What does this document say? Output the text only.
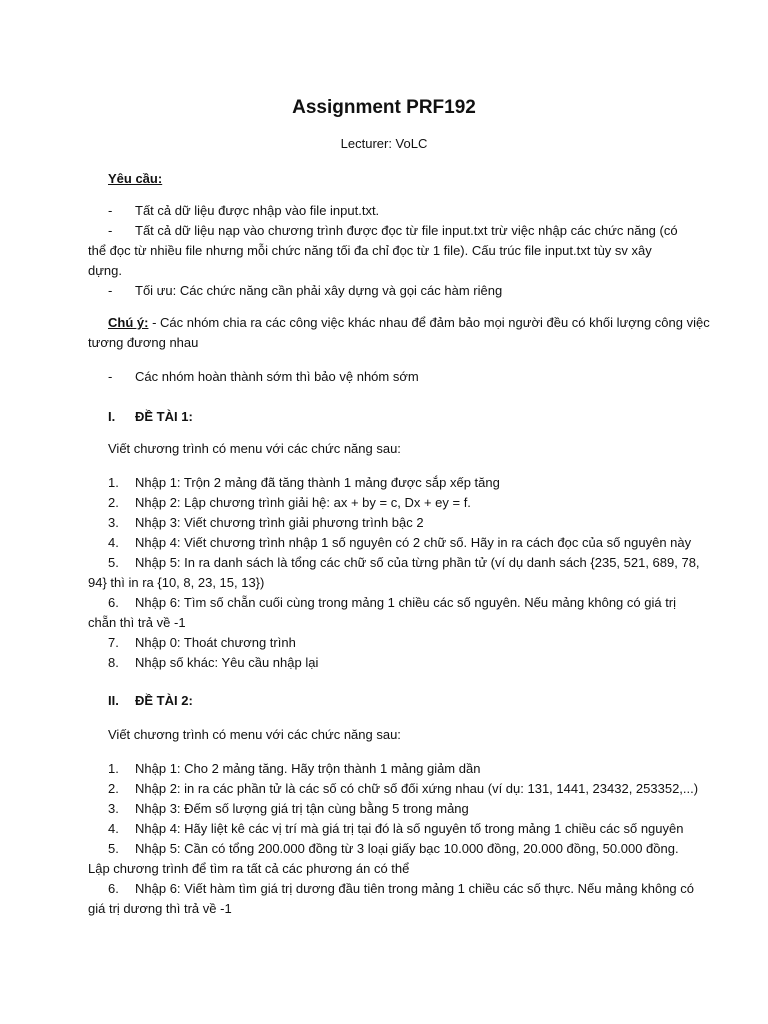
Assignment PRF192
Lecturer: VoLC
Yêu cầu:
- Tất cả dữ liệu được nhập vào file input.txt.
- Tất cả dữ liệu nạp vào chương trình được đọc từ file input.txt trừ việc nhập các chức năng (có
thể đọc từ nhiều file nhưng mỗi chức năng tối đa chỉ đọc từ 1 file). Cấu trúc file input.txt tùy sv xây
dựng.
- Tối ưu: Các chức năng cần phải xây dựng và gọi các hàm riêng
Chú ý: - Các nhóm chia ra các công việc khác nhau để đảm bảo mọi người đều có khối lượng công việc
tương đương nhau
- Các nhóm hoàn thành sớm thì bảo vệ nhóm sớm
I. ĐỀ TÀI 1:
Viết chương trình có menu với các chức năng sau:
1. Nhập 1: Trộn 2 mảng đã tăng thành 1 mảng được sắp xếp tăng
2. Nhập 2: Lập chương trình giải hệ: ax + by = c, Dx + ey = f.
3. Nhập 3: Viết chương trình giải phương trình bậc 2
4. Nhập 4: Viết chương trình nhập 1 số nguyên có 2 chữ số. Hãy in ra cách đọc của số nguyên này
5. Nhập 5: In ra danh sách là tổng các chữ số của từng phần tử (ví dụ danh sách {235, 521, 689, 78,
94} thì in ra {10, 8, 23, 15, 13})
6. Nhập 6: Tìm số chẵn cuối cùng trong mảng 1 chiều các số nguyên. Nếu mảng không có giá trị
chẵn thì trả về -1
7. Nhập 0: Thoát chương trình
8. Nhập số khác: Yêu cầu nhập lại
II. ĐỀ TÀI 2:
Viết chương trình có menu với các chức năng sau:
1. Nhập 1: Cho 2 mảng tăng. Hãy trộn thành 1 mảng giảm dần
2. Nhập 2: in ra các phần tử là các số có chữ số đối xứng nhau (ví dụ: 131, 1441, 23432, 253352,...)
3. Nhập 3: Đếm số lượng giá trị tận cùng bằng 5 trong mảng
4. Nhập 4: Hãy liệt kê các vị trí mà giá trị tại đó là số nguyên tố trong mảng 1 chiều các số nguyên
5. Nhập 5: Cần có tổng 200.000 đồng từ 3 loại giấy bạc 10.000 đồng, 20.000 đồng, 50.000 đồng.
Lập chương trình để tìm ra tất cả các phương án có thể
6. Nhập 6: Viết hàm tìm giá trị dương đầu tiên trong mảng 1 chiều các số thực. Nếu mảng không có
giá trị dương thì trả về -1
